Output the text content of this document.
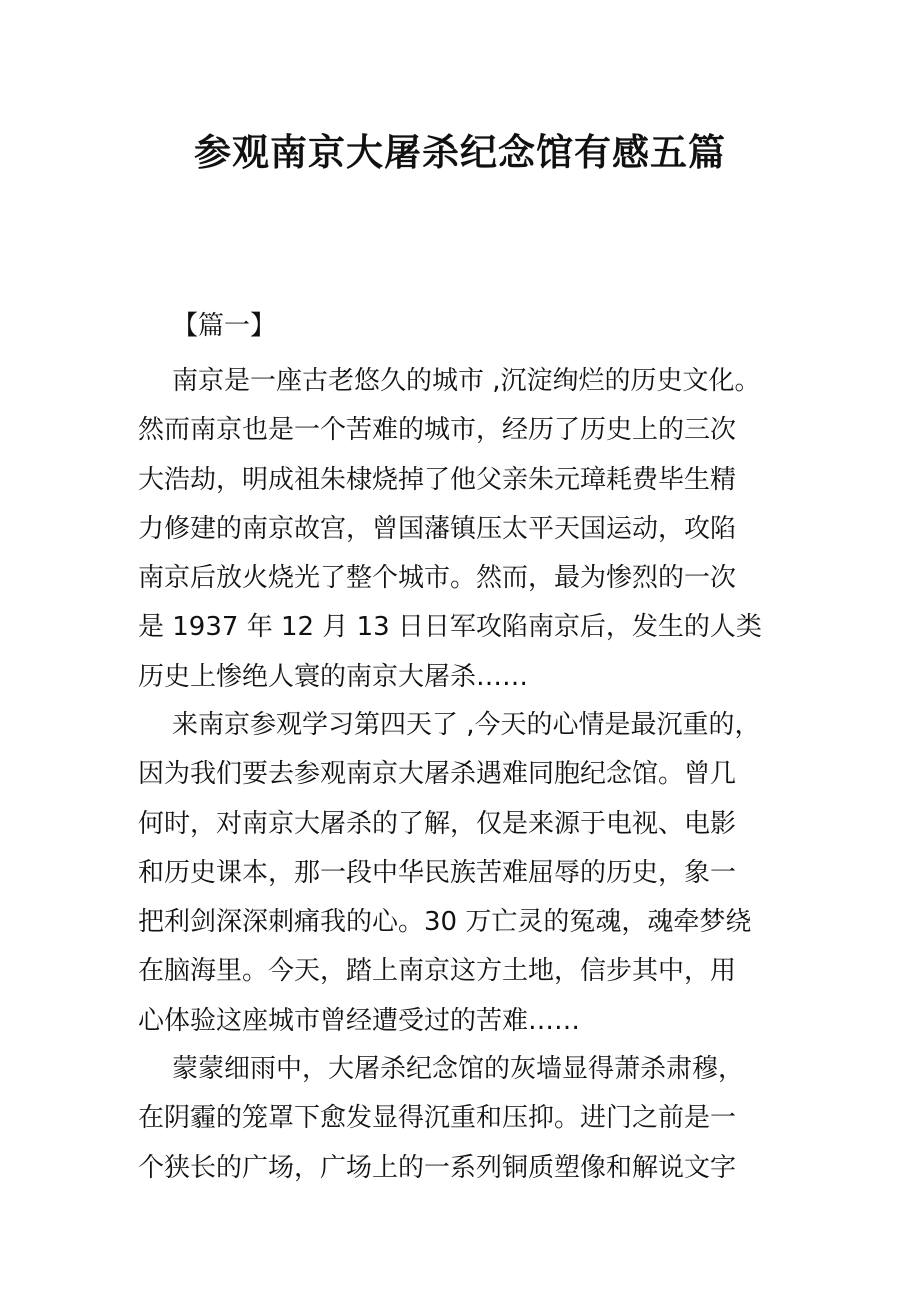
参观南京大屠杀纪念馆有感五篇
【篇一】
南京是一座古老悠久的城市 ,沉淀绚烂的历史文化。
然而南京也是一个苦难的城市，经历了历史上的三次
大浩劫，明成祖朱棣烧掉了他父亲朱元璋耗费毕生精
力修建的南京故宫，曾国藩镇压太平天国运动，攻陷
南京后放火烧光了整个城市。然而，最为惨烈的一次
是 1937 年 12 月 13 日日军攻陷南京后，发生的人类
历史上惨绝人寰的南京大屠杀……
来南京参观学习第四天了 ,今天的心情是最沉重的，
因为我们要去参观南京大屠杀遇难同胞纪念馆。曾几
何时，对南京大屠杀的了解，仅是来源于电视、电影
和历史课本，那一段中华民族苦难屈辱的历史，象一
把利剑深深刺痛我的心。30 万亡灵的冤魂，魂牵梦绕
在脑海里。今天，踏上南京这方土地，信步其中，用
心体验这座城市曾经遭受过的苦难……
蒙蒙细雨中，大屠杀纪念馆的灰墙显得萧杀肃穆，
在阴霾的笼罩下愈发显得沉重和压抑。进门之前是一
个狭长的广场，广场上的一系列铜质塑像和解说文字
